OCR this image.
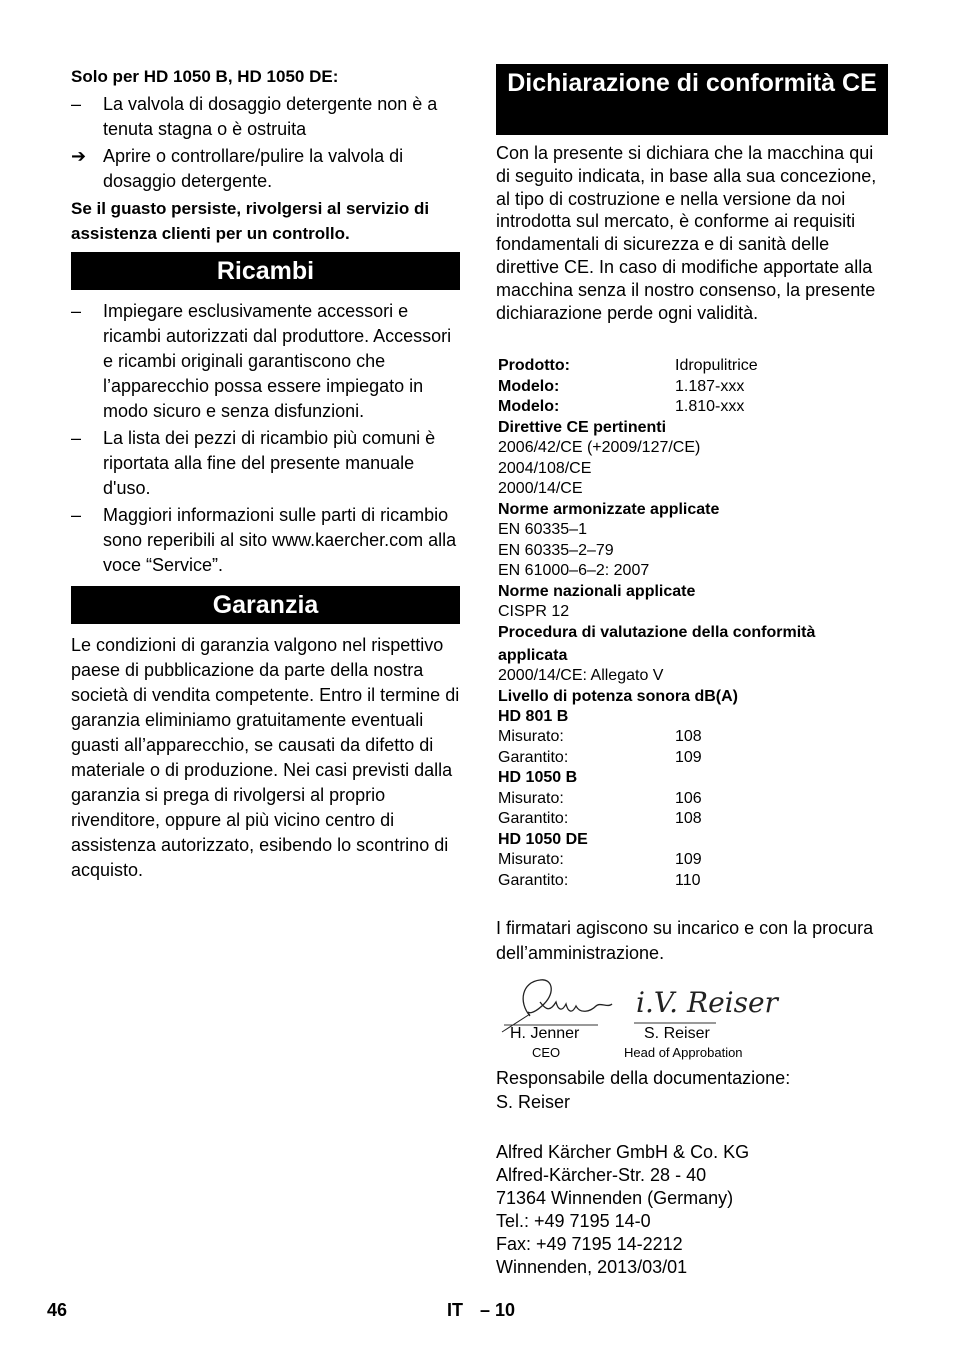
Solo per HD 1050 B, HD 1050 DE:
–	La valvola di dosaggio detergente non è a tenuta stagna o è ostruita
➔ Aprire o controllare/pulire la valvola di dosaggio detergente.
Se il guasto persiste, rivolgersi al servizio di assistenza clienti per un controllo.
Ricambi
–	Impiegare esclusivamente accessori e ricambi autorizzati dal produttore. Accessori e ricambi originali garantiscono che l’apparecchio possa essere impiegato in modo sicuro e senza disfunzioni.
–	La lista dei pezzi di ricambio più comuni è riportata alla fine del presente manuale d'uso.
–	Maggiori informazioni sulle parti di ricambio sono reperibili al sito www.kaercher.com alla voce “Service”.
Garanzia

Le condizioni di garanzia valgono nel rispettivo paese di pubblicazione da parte della nostra società di vendita competente. Entro il termine di garanzia eliminiamo gratuitamente eventuali guasti all’apparecchio, se causati da difetto di materiale o di produzione. Nei casi previsti dalla garanzia si prega di rivolgersi al proprio rivenditore, oppure al più vicino centro di assistenza autorizzato, esibendo lo scontrino di acquisto.

Dichiarazione di conformità CE

Con la presente si dichiara che la macchina qui di seguito indicata, in base alla sua concezione, al tipo di costruzione e nella versione da noi introdotta sul mercato, è conforme ai requisiti fondamentali di sicurezza e di sanità delle direttive CE. In caso di modifiche apportate alla macchina senza il nostro consenso, la presente dichiarazione perde ogni validità.

Prodotto:	Idropulitrice
Modelo:	1.187-xxx
Modelo:	1.810-xxx
Direttive CE pertinenti
2006/42/CE (+2009/127/CE)
2004/108/CE
2000/14/CE
Norme armonizzate applicate
EN 60335–1
EN 60335–2–79
EN 61000–6–2: 2007
Norme nazionali applicate
CISPR 12
Procedura di valutazione della conformità
applicata
2000/14/CE: Allegato V
Livello di potenza sonora dB(A)
HD 801 B
Misurato:	108
Garantito:	109
HD 1050 B
Misurato:	106
Garantito:	108
HD 1050 DE
Misurato:	109
Garantito:	110

I firmatari agiscono su incarico e con la procura dell’amministrazione.

i.V. Reiser
H. Jenner
CEO
S. Reiser
Head of Approbation
Responsabile della documentazione:
S. Reiser
Alfred Kärcher GmbH & Co. KG
Alfred-Kärcher-Str. 28 - 40
71364 Winnenden (Germany)
Tel.: +49 7195 14-0
Fax: +49 7195 14-2212
Winnenden, 2013/03/01
46	IT – 10
